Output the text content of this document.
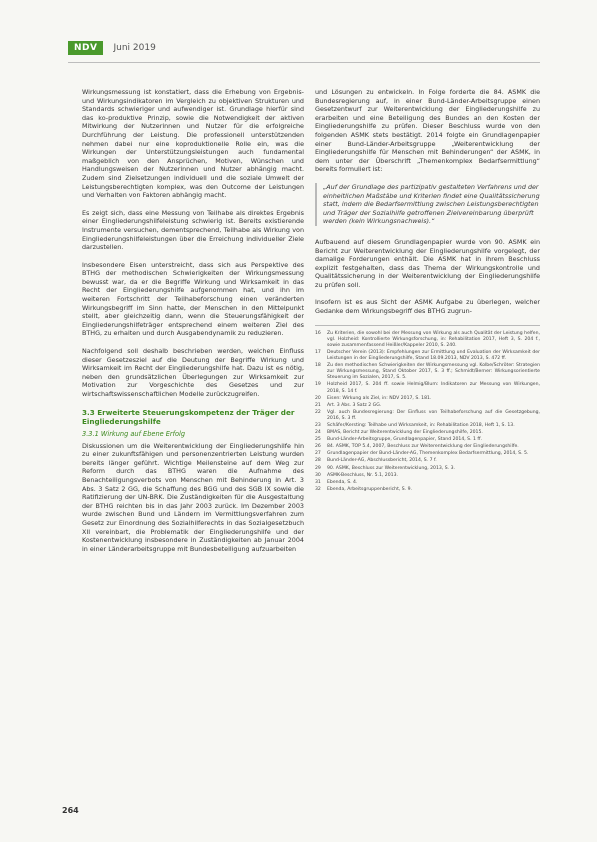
NDV	Juni 2019

Wirkungsmessung ist konstatiert, dass die Erhebung von Ergebnis- und Wirkungsindikatoren im Vergleich zu objektiven Strukturen und Standards schwieriger und aufwendiger ist. Grundlage hierfür sind das ko-produktive Prinzip, sowie die Notwendigkeit der aktiven Mitwirkung der Nutzerinnen und Nutzer für die erfolgreiche Durchführung der Leistung. Die professionell unterstützenden nehmen dabei nur eine koproduktionelle Rolle ein, was die Wirkungen der Unterstützungsleistungen auch fundamental maßgeblich von den Ansprüchen, Motiven, Wünschen und Handlungsweisen der Nutzerinnen und Nutzer abhängig macht. Zudem sind Zielsetzungen individuell und die soziale Umwelt der Leistungsberechtigten komplex, was den Outcome der Leistungen und Verhalten von Faktoren abhängig macht.

Es zeigt sich, dass eine Messung von Teilhabe als direktes Ergebnis einer Eingliederungshilfeleistung schwierig ist. Bereits existierende Instrumente versuchen, dementsprechend, Teilhabe als Wirkung von Eingliederungshilfeleistungen über die Erreichung individueller Ziele darzustellen.

Insbesondere Eisen unterstreicht, dass sich aus Perspektive des BTHG der methodischen Schwierigkeiten der Wirkungsmessung bewusst war, da er die Begriffe Wirkung und Wirksamkeit in das Recht der Eingliederungshilfe aufgenommen hat, und ihn im weiteren Fortschritt der Teilhabeforschung einen veränderten Wirkungsbegriff im Sinn hatte, der Menschen in den Mittelpunkt stellt, aber gleichzeitig dann, wenn die Steuerungsfähigkeit der Eingliederungshilfeträger entsprechend einem weiteren Ziel des BTHG, zu erhalten und durch Ausgabendynamik zu reduzieren.

Nachfolgend soll deshalb beschrieben werden, welchen Einfluss dieser Gesetzesziel auf die Deutung der Begriffe Wirkung und Wirksamkeit im Recht der Eingliederungshilfe hat. Dazu ist es nötig, neben den grundsätzlichen Überlegungen zur Wirksamkeit zur Motivation zur Vorgeschichte des Gesetzes und zur wirtschaftswissenschaftlichen Modelle zurückzugreifen.

3.3 Erweiterte Steuerungskompetenz der Träger der Eingliederungshilfe
3.3.1 Wirkung auf Ebene Erfolg

Diskussionen um die Weiterentwicklung der Eingliederungshilfe hin zu einer zukunftsfähigen und personenzentrierten Leistung wurden bereits länger geführt. Wichtige Meilensteine auf dem Weg zur Reform durch das BTHG waren die Aufnahme des Benachteiligungsverbots von Menschen mit Behinderung in Art. 3 Abs. 3 Satz 2 GG, die Schaffung des BGG und des SGB IX sowie die Ratifizierung der UN-BRK. Die Zuständigkeiten für die Ausgestaltung der BTHG reichten bis in das Jahr 2003 zurück. Im Dezember 2003 wurde zwischen Bund und Ländern im Vermittlungsverfahren zum Gesetz zur Einordnung des Sozialhilferechts in das Sozialgesetzbuch XII vereinbart, die Problematik der Eingliederungshilfe und der Kostenentwicklung insbesondere in Zuständigkeiten ab Januar 2004 in einer Länderarbeitsgruppe mit Bundesbeteiligung aufzuarbeiten

und Lösungen zu entwickeln. In Folge forderte die 84. ASMK die Bundesregierung auf, in einer Bund-Länder-Arbeitsgruppe einen Gesetzentwurf zur Weiterentwicklung der Eingliederungshilfe zu erarbeiten und eine Beteiligung des Bundes an den Kosten der Eingliederungshilfe zu prüfen. Dieser Beschluss wurde von den folgenden ASMK stets bestätigt. 2014 folgte ein Grundlagenpapier einer Bund-Länder-Arbeitsgruppe „Weiterentwicklung der Eingliederungshilfe für Menschen mit Behinderungen“ der ASMK, in dem unter der Überschrift „Themenkomplex Bedarfsermittlung“ bereits formuliert ist:

„Auf der Grundlage des partizipativ gestalteten Verfahrens und der einheitlichen Maßstäbe und Kriterien findet eine Qualitätssicherung statt, indem die Bedarfsermittlung zwischen Leistungsberechtigten und Träger der Sozialhilfe getroffenen Zielvereinbarung überprüft werden (kein Wirkungsnachweis).“

Aufbauend auf diesem Grundlagenpapier wurde von 90. ASMK ein Bericht zur Weiterentwicklung der Eingliederungshilfe vorgelegt, der damalige Forderungen enthält. Die ASMK hat in ihrem Beschluss explizit festgehalten, dass das Thema der Wirkungskontrolle und Qualitätssicherung in der Weiterentwicklung der Eingliederungshilfe zu prüfen soll.

Insofern ist es aus Sicht der ASMK Aufgabe zu überlegen, welcher Gedanke dem Wirkungsbegriff des BTHG zugrun-

16	Zu Kriterien, die sowohl bei der Messung von Wirkung als auch Qualität der Leistung helfen, vgl. Holzheid: Kontrollierte Wirkungsforschung, in: Rehabilitation 2017, Heft 3, S. 204 f., sowie zusammenfassend Heißler/Kappeler 2010, S. 240.
17	Deutscher Verein (2013): Empfehlungen zur Ermittlung und Evaluation der Wirksamkeit der Leistungen in der Eingliederungshilfe, Stand 18.09.2013, NDV 2013, S. 472 ff.
18	Zu den methodischen Schwierigkeiten der Wirkungsmessung vgl. Kolbe/Schröter: Strategien zur Wirkungsmessung, Stand Oktober 2017, S. 3 ff.; Schmidt/Berner: Wirkungsorientierte Steuerung im Sozialen, 2017, S. 5.
19	Holzheid 2017, S. 204 ff. sowie Helmig/Blum: Indikatoren zur Messung von Wirkungen, 2018, S. 14 f.
20	Eisen: Wirkung als Ziel, in: NDV 2017, S. 181.
21	Art. 3 Abs. 3 Satz 2 GG.
22	Vgl. auch Bundesregierung: Der Einfluss von Teilhabeforschung auf die Gesetzgebung, 2016, S. 3 ff.
23	Schäfer/Kersting: Teilhabe und Wirksamkeit, in: Rehabilitation 2018, Heft 1, S. 13.
24	BMAS, Bericht zur Weiterentwicklung der Eingliederungshilfe, 2015.
25	Bund-Länder-Arbeitsgruppe, Grundlagenpapier, Stand 2014, S. 1 ff.
26	84. ASMK, TOP 5.4, 2007, Beschluss zur Weiterentwicklung der Eingliederungshilfe.
27	Grundlagenpapier der Bund-Länder-AG, Themenkomplex Bedarfsermittlung, 2014, S. 5.
28	Bund-Länder-AG, Abschlussbericht, 2014, S. 7 f.
29	90. ASMK, Beschluss zur Weiterentwicklung, 2013, S. 3.
30	ASMK-Beschluss, Nr. 5.1, 2013.
31	Ebenda, S. 4.
32	Ebenda, Arbeitsgruppenbericht, S. 9.
264
